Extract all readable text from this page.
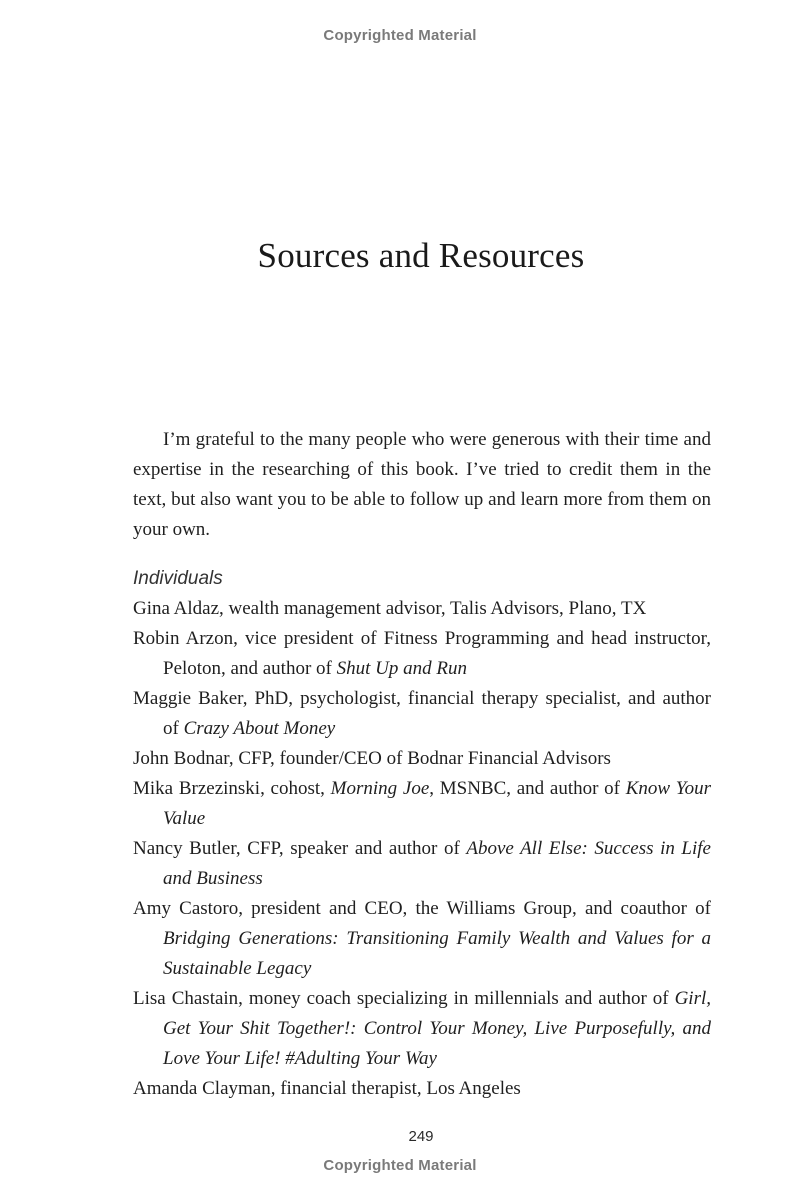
Copyrighted Material
Sources and Resources

I’m grateful to the many people who were generous with their time and expertise in the researching of this book. I’ve tried to credit them in the text, but also want you to be able to follow up and learn more from them on your own.

Individuals
Gina Aldaz, wealth management advisor, Talis Advisors, Plano, TX
Robin Arzon, vice president of Fitness Programming and head instructor, Peloton, and author of Shut Up and Run
Maggie Baker, PhD, psychologist, financial therapy specialist, and author of Crazy About Money
John Bodnar, CFP, founder/CEO of Bodnar Financial Advisors
Mika Brzezinski, cohost, Morning Joe, MSNBC, and author of Know Your Value
Nancy Butler, CFP, speaker and author of Above All Else: Success in Life and Business
Amy Castoro, president and CEO, the Williams Group, and coauthor of Bridging Generations: Transitioning Family Wealth and Values for a Sustainable Legacy
Lisa Chastain, money coach specializing in millennials and author of Girl, Get Your Shit Together!: Control Your Money, Live Purposefully, and Love Your Life! #Adulting Your Way
Amanda Clayman, financial therapist, Los Angeles
249
Copyrighted Material
